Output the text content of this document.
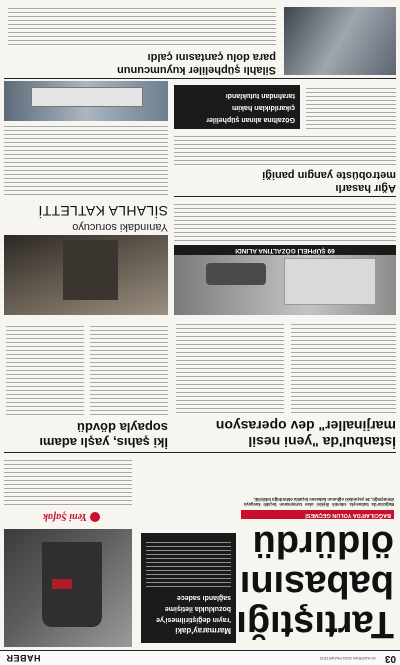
03
10 HAZİRAN 2024 PAZARTESİ
HABER
Tartıştığı
babasını
öldürdü
BAĞCILAR'DA YOLUN GEÇMESİ
Bağcılar'da babasıyla sıkıntılı ilişkisi olan tartışmanın bıçaklı kavgaya dönüştüğü, 26 yaşındaki oğlunun babasını bıçakla öldürdüğü bildirildi.
Marmaray'daki
'rayın değiştirilmesi'ye
bozuklukla iletişime
sağlandı sadece
Yeni Şafak
İstanbul'da "yeni nesil
marjinaller" dev operasyon
İki şahıs, yaşlı adamı
sopayla dövdü
69 ŞÜPHELİ GÖZALTINA ALINDI
Yanındaki sorucuyo
SİLAHLA KATLETTİ
Ağır hasarlı
metrobüste yangın paniği
Gözaltına alınan şüpheliler
çıkarıldıkları hakim
tarafından tutuklandı
Silahlı şüpheliler kuyumcunun
para dolu çantasını çaldı
